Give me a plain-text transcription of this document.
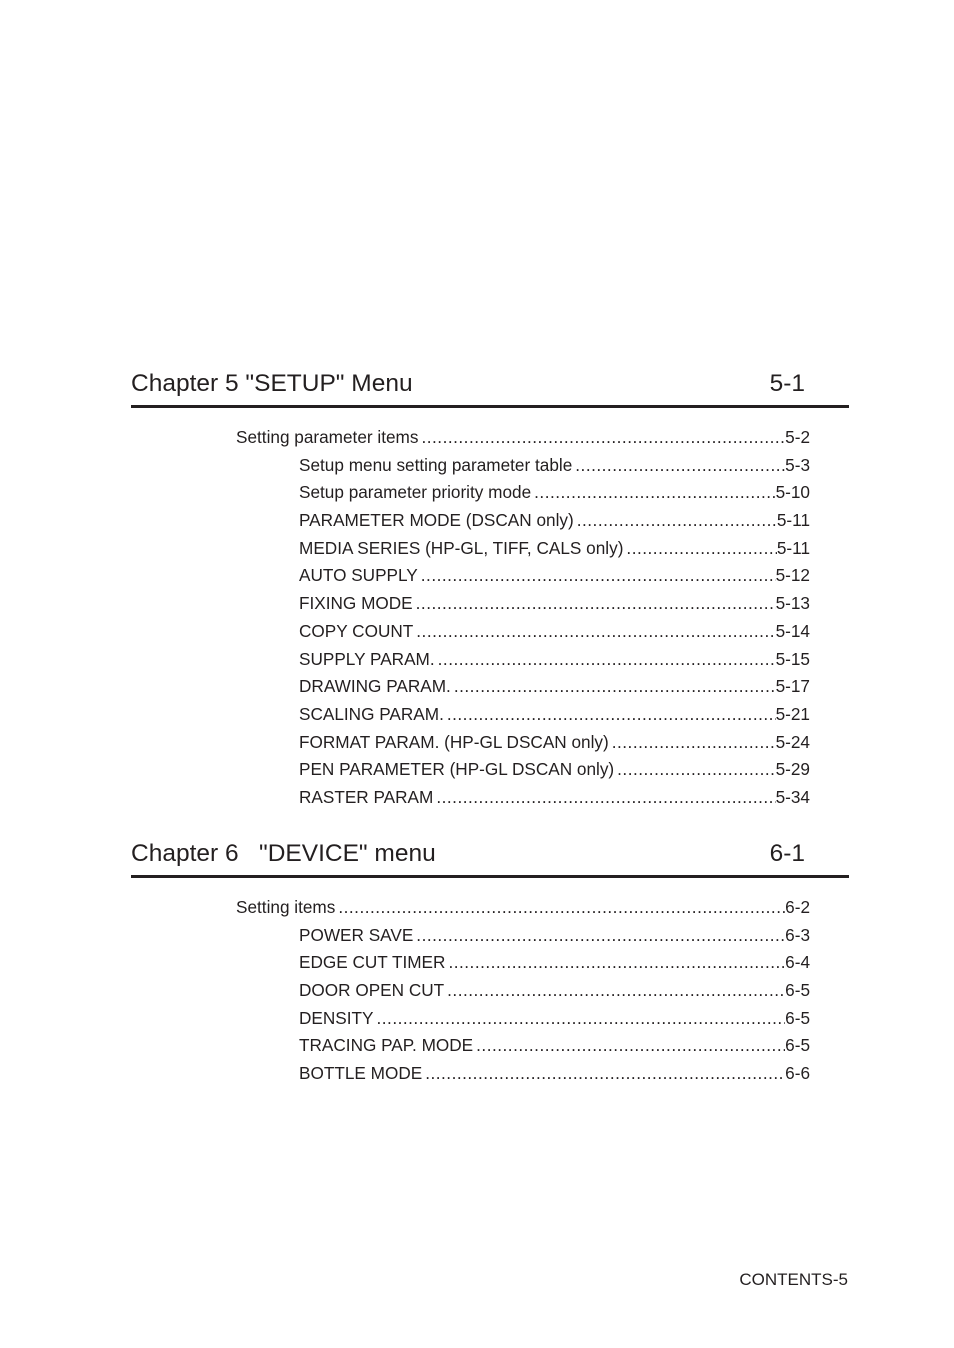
Chapter 5 "SETUP" Menu	5-1
Setting parameter items .....	5-2
Setup menu setting parameter table .....	5-3
Setup parameter priority mode .....	5-10
PARAMETER MODE (DSCAN only) .....	5-11
MEDIA SERIES (HP-GL, TIFF, CALS only) .....	5-11
AUTO SUPPLY .....	5-12
FIXING MODE .....	5-13
COPY COUNT .....	5-14
SUPPLY PARAM. .....	5-15
DRAWING PARAM. .....	5-17
SCALING PARAM. .....	5-21
FORMAT PARAM. (HP-GL DSCAN only) .....	5-24
PEN PARAMETER (HP-GL DSCAN only) .....	5-29
RASTER PARAM .....	5-34
Chapter 6   "DEVICE" menu	6-1
Setting items .....	6-2
POWER SAVE .....	6-3
EDGE CUT TIMER .....	6-4
DOOR OPEN CUT .....	6-5
DENSITY .....	6-5
TRACING PAP. MODE .....	6-5
BOTTLE MODE .....	6-6
CONTENTS-5
